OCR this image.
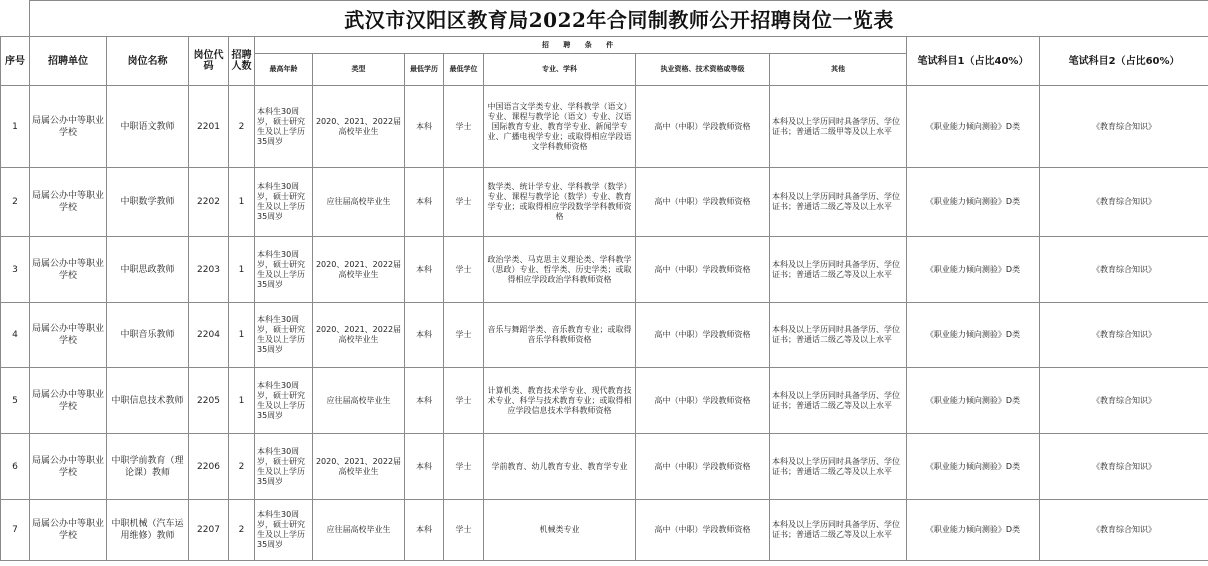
	武汉市汉阳区教育局2022年合同制教师公开招聘岗位一览表												
序号	招聘单位	岗位名称	岗位代码	招聘人数	招 聘 条 件							笔试科目1（占比40%）	笔试科目2（占比60%）
					最高年龄	类型	最低学历	最低学位	专业、学科	执业资格、技术资格或等级	其他		
1	局属公办中等职业学校	中职语文教师	2201	2	本科生30周岁，硕士研究生及以上学历35周岁	2020、2021、2022届高校毕业生	本科	学士	中国语言文学类专业、学科教学（语文）专业、课程与教学论（语文）专业、汉语国际教育专业、教育学专业、新闻学专业、广播电视学专业；或取得相应学段语文学科教师资格	高中（中职）学段教师资格	本科及以上学历同时具备学历、学位证书；普通话二级甲等及以上水平	《职业能力倾向测验》D类	《教育综合知识》
2	局属公办中等职业学校	中职数学教师	2202	1	本科生30周岁，硕士研究生及以上学历35周岁	应往届高校毕业生	本科	学士	数学类、统计学专业、学科教学（数学）专业、课程与教学论（数学）专业、教育学专业；或取得相应学段数学学科教师资格	高中（中职）学段教师资格	本科及以上学历同时具备学历、学位证书；普通话二级乙等及以上水平	《职业能力倾向测验》D类	《教育综合知识》
3	局属公办中等职业学校	中职思政教师	2203	1	本科生30周岁，硕士研究生及以上学历35周岁	2020、2021、2022届高校毕业生	本科	学士	政治学类、马克思主义理论类、学科教学（思政）专业、哲学类、历史学类；或取得相应学段政治学科教师资格	高中（中职）学段教师资格	本科及以上学历同时具备学历、学位证书；普通话二级乙等及以上水平	《职业能力倾向测验》D类	《教育综合知识》
4	局属公办中等职业学校	中职音乐教师	2204	1	本科生30周岁，硕士研究生及以上学历35周岁	2020、2021、2022届高校毕业生	本科	学士	音乐与舞蹈学类、音乐教育专业；或取得音乐学科教师资格	高中（中职）学段教师资格	本科及以上学历同时具备学历、学位证书；普通话二级乙等及以上水平	《职业能力倾向测验》D类	《教育综合知识》
5	局属公办中等职业学校	中职信息技术教师	2205	1	本科生30周岁，硕士研究生及以上学历35周岁	应往届高校毕业生	本科	学士	计算机类、教育技术学专业、现代教育技术专业、科学与技术教育专业；或取得相应学段信息技术学科教师资格	高中（中职）学段教师资格	本科及以上学历同时具备学历、学位证书；普通话二级乙等及以上水平	《职业能力倾向测验》D类	《教育综合知识》
6	局属公办中等职业学校	中职学前教育（理论课）教师	2206	2	本科生30周岁，硕士研究生及以上学历35周岁	2020、2021、2022届高校毕业生	本科	学士	学前教育、幼儿教育专业、教育学专业	高中（中职）学段教师资格	本科及以上学历同时具备学历、学位证书；普通话二级乙等及以上水平	《职业能力倾向测验》D类	《教育综合知识》
7	局属公办中等职业学校	中职机械（汽车运用维修）教师	2207	2	本科生30周岁，硕士研究生及以上学历35周岁	应往届高校毕业生	本科	学士	机械类专业	高中（中职）学段教师资格	本科及以上学历同时具备学历、学位证书；普通话二级乙等及以上水平	《职业能力倾向测验》D类	《教育综合知识》
